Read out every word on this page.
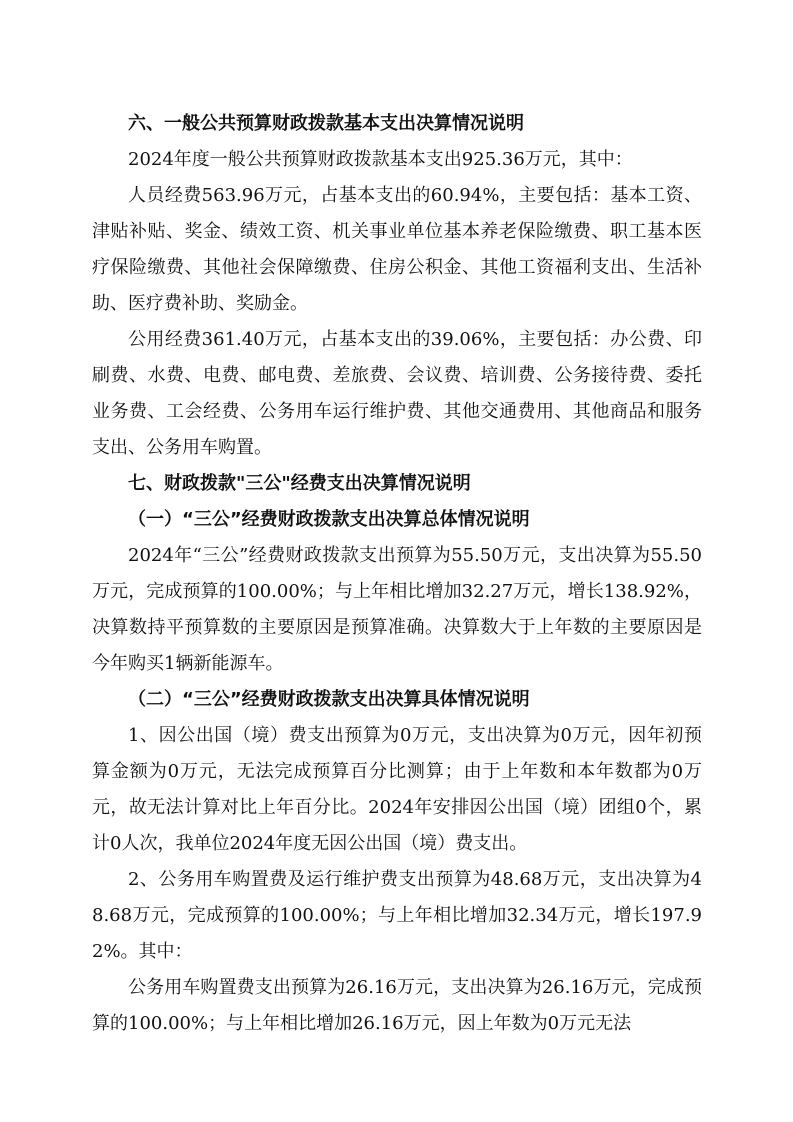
六、一般公共预算财政拨款基本支出决算情况说明
2024年度一般公共预算财政拨款基本支出925.36万元，其中：
人员经费563.96万元，占基本支出的60.94%，主要包括：基本工资、津贴补贴、奖金、绩效工资、机关事业单位基本养老保险缴费、职工基本医疗保险缴费、其他社会保障缴费、住房公积金、其他工资福利支出、生活补助、医疗费补助、奖励金。
公用经费361.40万元，占基本支出的39.06%，主要包括：办公费、印刷费、水费、电费、邮电费、差旅费、会议费、培训费、公务接待费、委托业务费、工会经费、公务用车运行维护费、其他交通费用、其他商品和服务支出、公务用车购置。
七、财政拨款"三公"经费支出决算情况说明
（一）“三公”经费财政拨款支出决算总体情况说明
2024年“三公”经费财政拨款支出预算为55.50万元，支出决算为55.50万元，完成预算的100.00%；与上年相比增加32.27万元，增长138.92%，决算数持平预算数的主要原因是预算准确。决算数大于上年数的主要原因是今年购买1辆新能源车。
（二）“三公”经费财政拨款支出决算具体情况说明
1、因公出国（境）费支出预算为0万元，支出决算为0万元，因年初预算金额为0万元，无法完成预算百分比测算；由于上年数和本年数都为0万元，故无法计算对比上年百分比。2024年安排因公出国（境）团组0个，累计0人次，我单位2024年度无因公出国（境）费支出。
2、公务用车购置费及运行维护费支出预算为48.68万元，支出决算为48.68万元，完成预算的100.00%；与上年相比增加32.34万元，增长197.92%。其中：
公务用车购置费支出预算为26.16万元，支出决算为26.16万元，完成预算的100.00%；与上年相比增加26.16万元，因上年数为0万元无法
